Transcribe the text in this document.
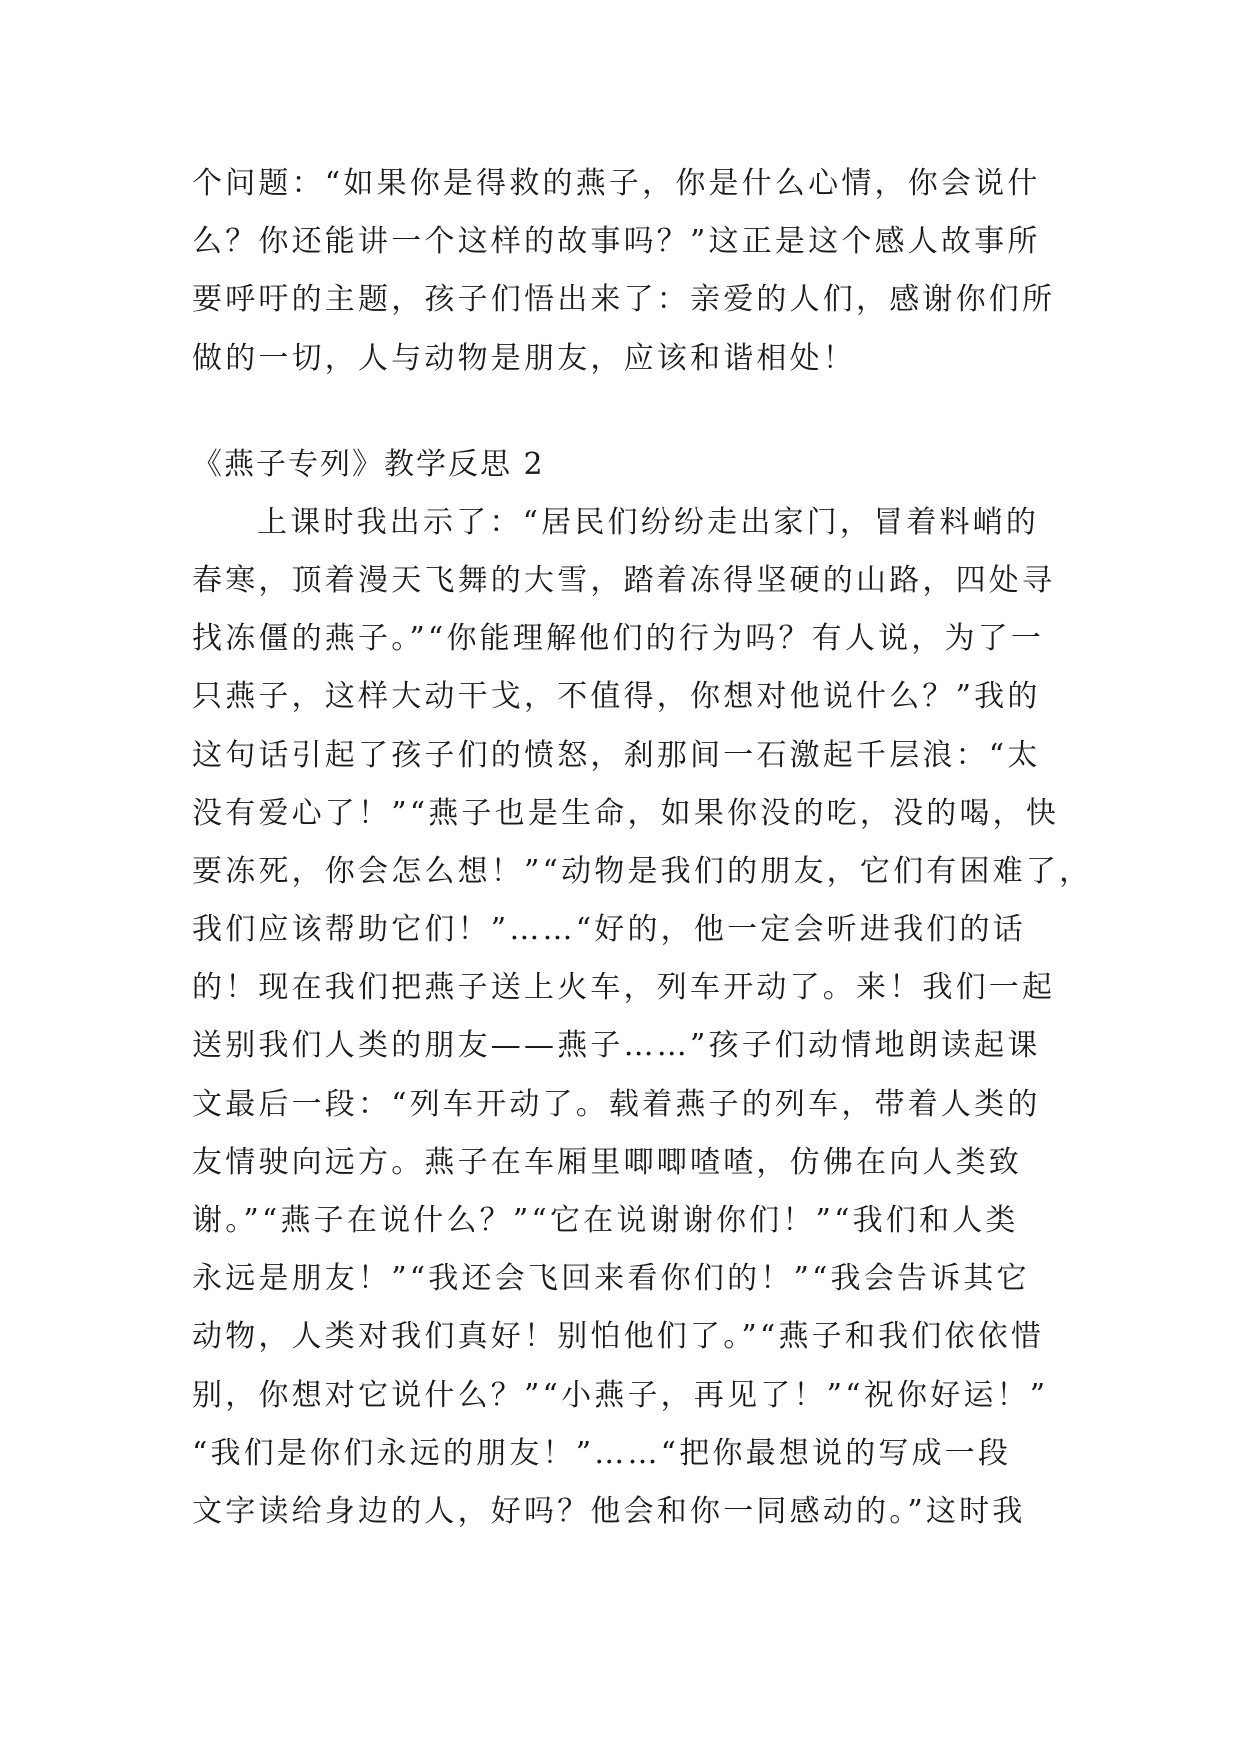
个问题：“如果你是得救的燕子，你是什么心情，你会说什
么？你还能讲一个这样的故事吗？”这正是这个感人故事所
要呼吁的主题，孩子们悟出来了：亲爱的人们，感谢你们所
做的一切，人与动物是朋友，应该和谐相处！
《燕子专列》教学反思 2
上课时我出示了：“居民们纷纷走出家门，冒着料峭的
春寒，顶着漫天飞舞的大雪，踏着冻得坚硬的山路，四处寻
找冻僵的燕子。”“你能理解他们的行为吗？有人说，为了一
只燕子，这样大动干戈，不值得，你想对他说什么？”我的
这句话引起了孩子们的愤怒，刹那间一石激起千层浪：“太
没有爱心了！”“燕子也是生命，如果你没的吃，没的喝，快
要冻死，你会怎么想！”“动物是我们的朋友，它们有困难了，
我们应该帮助它们！”……“好的，他一定会听进我们的话
的！现在我们把燕子送上火车，列车开动了。来！我们一起
送别我们人类的朋友——燕子……”孩子们动情地朗读起课
文最后一段：“列车开动了。载着燕子的列车，带着人类的
友情驶向远方。燕子在车厢里唧唧喳喳，仿佛在向人类致
谢。”“燕子在说什么？”“它在说谢谢你们！”“我们和人类
永远是朋友！”“我还会飞回来看你们的！”“我会告诉其它
动物，人类对我们真好！别怕他们了。”“燕子和我们依依惜
别，你想对它说什么？”“小燕子，再见了！”“祝你好运！”
“我们是你们永远的朋友！”……“把你最想说的写成一段
文字读给身边的人，好吗？他会和你一同感动的。”这时我
